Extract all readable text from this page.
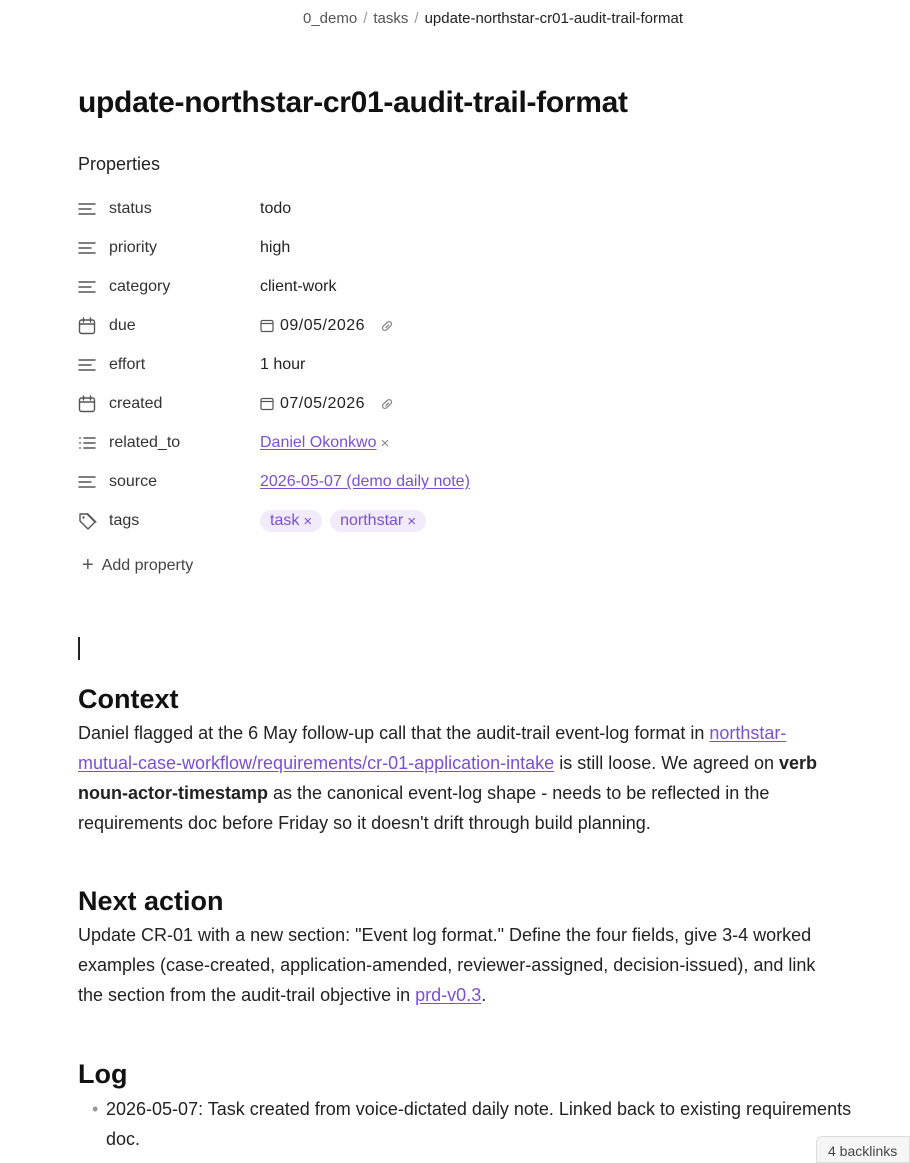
0_demo / tasks / update-northstar-cr01-audit-trail-format
update-northstar-cr01-audit-trail-format
Properties
status	todo
priority	high
category	client-work
due	09/05/2026
effort	1 hour
created	07/05/2026
related_to	Daniel Okonkwo ×
source	2026-05-07 (demo daily note)
tags	task × northstar ×
+ Add property
Context
Daniel flagged at the 6 May follow-up call that the audit-trail event-log format in northstar-
mutual-case-workflow/requirements/cr-01-application-intake is still loose. We agreed on verb
noun-actor-timestamp as the canonical event-log shape - needs to be reflected in the
requirements doc before Friday so it doesn't drift through build planning.
Next action
Update CR-01 with a new section: "Event log format." Define the four fields, give 3-4 worked
examples (case-created, application-amended, reviewer-assigned, decision-issued), and link
the section from the audit-trail objective in prd-v0.3.
Log
• 2026-05-07: Task created from voice-dictated daily note. Linked back to existing requirements doc.
4 backlinks
